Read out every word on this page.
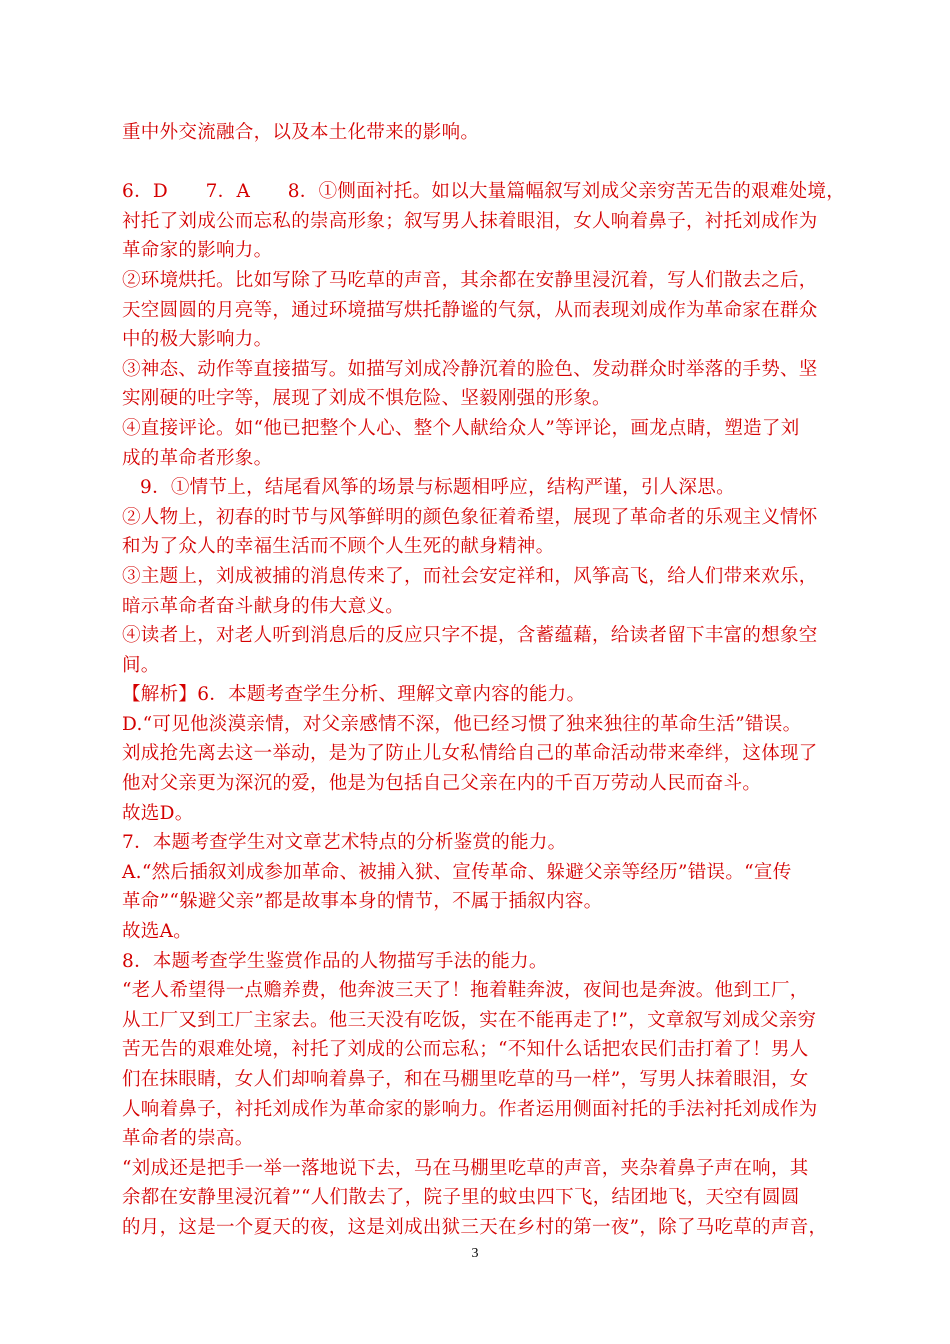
重中外交流融合，以及本土化带来的影响。
6．D　　7．A　　8．①侧面衬托。如以大量篇幅叙写刘成父亲穷苦无告的艰难处境，
衬托了刘成公而忘私的崇高形象；叙写男人抹着眼泪，女人响着鼻子，衬托刘成作为
革命家的影响力。
②环境烘托。比如写除了马吃草的声音，其余都在安静里浸沉着，写人们散去之后，
天空圆圆的月亮等，通过环境描写烘托静谧的气氛，从而表现刘成作为革命家在群众
中的极大影响力。
③神态、动作等直接描写。如描写刘成冷静沉着的脸色、发动群众时举落的手势、坚
实刚硬的吐字等，展现了刘成不惧危险、坚毅刚强的形象。
④直接评论。如“他已把整个人心、整个人献给众人”等评论，画龙点睛，塑造了刘
成的革命者形象。
9．①情节上，结尾看风筝的场景与标题相呼应，结构严谨，引人深思。
②人物上，初春的时节与风筝鲜明的颜色象征着希望，展现了革命者的乐观主义情怀
和为了众人的幸福生活而不顾个人生死的献身精神。
③主题上，刘成被捕的消息传来了，而社会安定祥和，风筝高飞，给人们带来欢乐，
暗示革命者奋斗献身的伟大意义。
④读者上，对老人听到消息后的反应只字不提，含蓄蕴藉，给读者留下丰富的想象空
间。
【解析】6．本题考查学生分析、理解文章内容的能力。
D.“可见他淡漠亲情，对父亲感情不深，他已经习惯了独来独往的革命生活”错误。
刘成抢先离去这一举动，是为了防止儿女私情给自己的革命活动带来牵绊，这体现了
他对父亲更为深沉的爱，他是为包括自己父亲在内的千百万劳动人民而奋斗。
故选D。
7．本题考查学生对文章艺术特点的分析鉴赏的能力。
A.“然后插叙刘成参加革命、被捕入狱、宣传革命、躲避父亲等经历”错误。“宣传
革命”“躲避父亲”都是故事本身的情节，不属于插叙内容。
故选A。
8．本题考查学生鉴赏作品的人物描写手法的能力。
“老人希望得一点赡养费，他奔波三天了！拖着鞋奔波，夜间也是奔波。他到工厂，
从工厂又到工厂主家去。他三天没有吃饭，实在不能再走了!”，文章叙写刘成父亲穷
苦无告的艰难处境，衬托了刘成的公而忘私；“不知什么话把农民们击打着了！男人
们在抹眼睛，女人们却响着鼻子，和在马棚里吃草的马一样”，写男人抹着眼泪，女
人响着鼻子，衬托刘成作为革命家的影响力。作者运用侧面衬托的手法衬托刘成作为
革命者的崇高。
“刘成还是把手一举一落地说下去，马在马棚里吃草的声音，夹杂着鼻子声在响，其
余都在安静里浸沉着”“人们散去了，院子里的蚊虫四下飞，结团地飞，天空有圆圆
的月，这是一个夏天的夜，这是刘成出狱三天在乡村的第一夜”，除了马吃草的声音，
3
